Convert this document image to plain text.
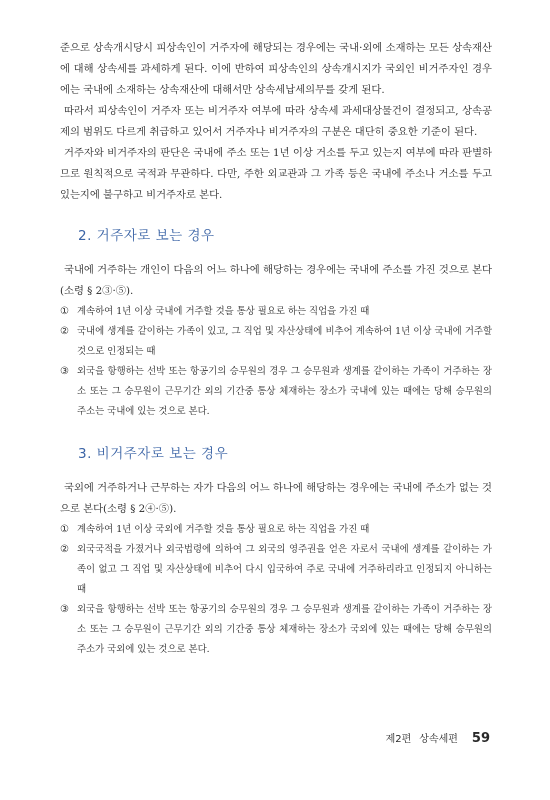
준으로 상속개시당시 피상속인이 거주자에 해당되는 경우에는 국내·외에 소재하는 모든 상속재산에 대해 상속세를 과세하게 된다. 이에 반하여 피상속인의 상속개시지가 국외인 비거주자인 경우에는 국내에 소재하는 상속재산에 대해서만 상속세납세의무를 갖게 된다.

따라서 피상속인이 거주자 또는 비거주자 여부에 따라 상속세 과세대상물건이 결정되고, 상속공제의 범위도 다르게 취급하고 있어서 거주자나 비거주자의 구분은 대단히 중요한 기준이 된다.

거주자와 비거주자의 판단은 국내에 주소 또는 1년 이상 거소를 두고 있는지 여부에 따라 판별하므로 원칙적으로 국적과 무관하다. 다만, 주한 외교관과 그 가족 등은 국내에 주소나 거소를 두고 있는지에 불구하고 비거주자로 본다.

2. 거주자로 보는 경우

국내에 거주하는 개인이 다음의 어느 하나에 해당하는 경우에는 국내에 주소를 가진 것으로 본다(소령 § 2③·⑤).

① 계속하여 1년 이상 국내에 거주할 것을 통상 필요로 하는 직업을 가진 때
② 국내에 생계를 같이하는 가족이 있고, 그 직업 및 자산상태에 비추어 계속하여 1년 이상 국내에 거주할 것으로 인정되는 때
③ 외국을 항행하는 선박 또는 항공기의 승무원의 경우 그 승무원과 생계를 같이하는 가족이 거주하는 장소 또는 그 승무원이 근무기간 외의 기간중 통상 체재하는 장소가 국내에 있는 때에는 당해 승무원의 주소는 국내에 있는 것으로 본다.
3. 비거주자로 보는 경우

국외에 거주하거나 근무하는 자가 다음의 어느 하나에 해당하는 경우에는 국내에 주소가 없는 것으로 본다(소령 § 2④·⑤).

① 계속하여 1년 이상 국외에 거주할 것을 통상 필요로 하는 직업을 가진 때
② 외국국적을 가졌거나 외국법령에 의하여 그 외국의 영주권을 얻은 자로서 국내에 생계를 같이하는 가족이 없고 그 직업 및 자산상태에 비추어 다시 입국하여 주로 국내에 거주하리라고 인정되지 아니하는 때
③ 외국을 항행하는 선박 또는 항공기의 승무원의 경우 그 승무원과 생계를 같이하는 가족이 거주하는 장소 또는 그 승무원이 근무기간 외의 기간중 통상 체재하는 장소가 국외에 있는 때에는 당해 승무원의 주소가 국외에 있는 것으로 본다.
제2편 상속세편 59
